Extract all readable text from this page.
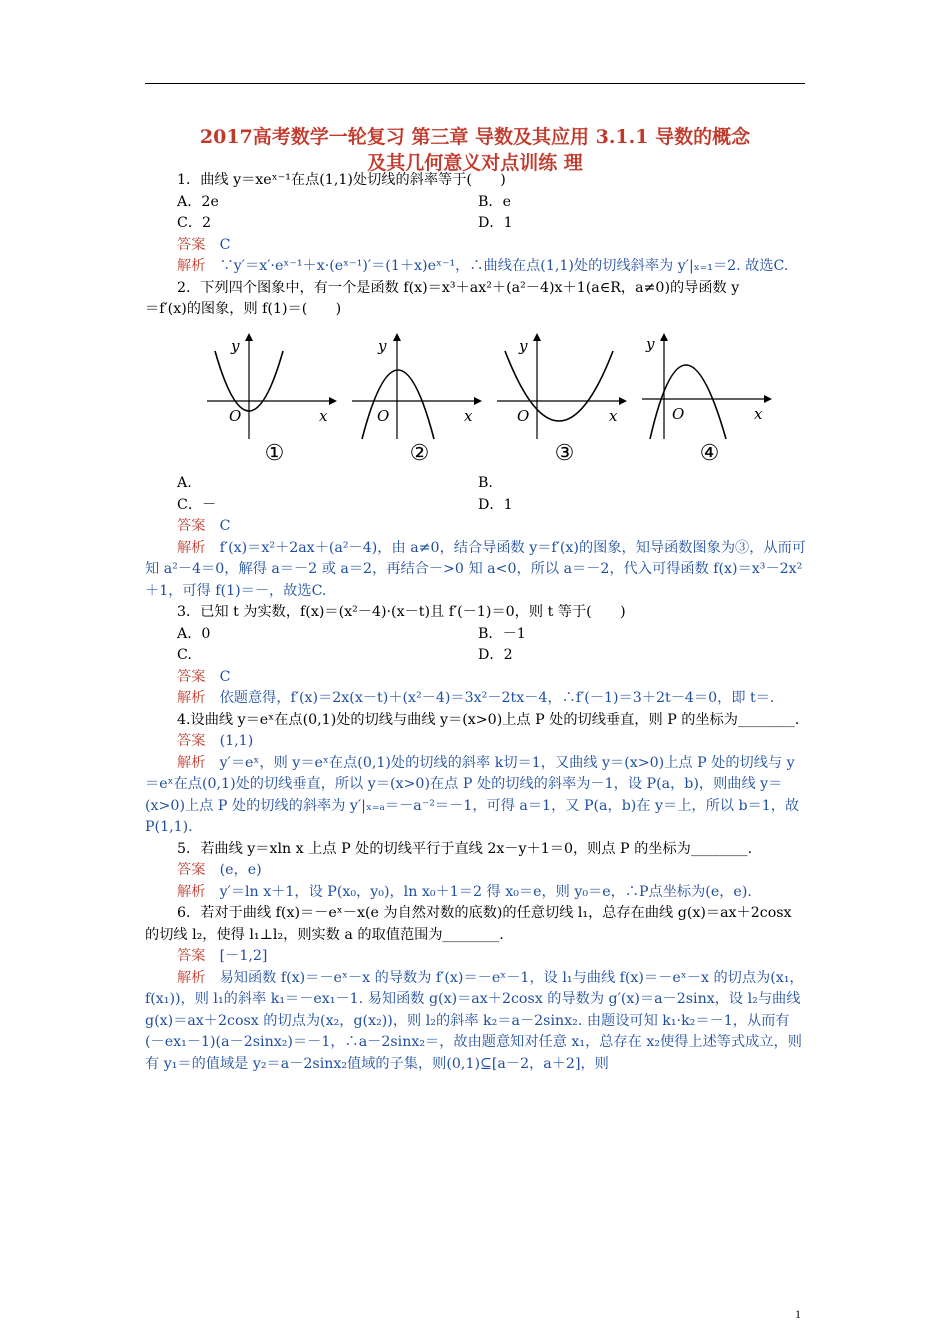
2017高考数学一轮复习 第三章 导数及其应用 3.1.1 导数的概念
及其几何意义对点训练 理

1．曲线 y＝xeˣ⁻¹在点(1,1)处切线的斜率等于(　　)

A．2e	B．e
C．2	D．1

答案　 C

解析　 ∵y′＝x′·eˣ⁻¹＋x·(eˣ⁻¹)′＝(1＋x)eˣ⁻¹，∴曲线在点(1,1)处的切线斜率为 y′|ₓ₌₁＝2. 故选C.

2．下列四个图象中，有一个是函数 f(x)＝x³＋ax²＋(a²－4)x＋1(a∈R，a≠0)的导函数 y

＝f′(x)的图象，则 f(1)＝(　　)

y
x
O
①
y
x
O
②
y
x
O
③
y
x
O
④
A.	B.
C．－	D．1

答案　 C

解析　 f′(x)＝x²＋2ax＋(a²－4)，由 a≠0，结合导函数 y＝f′(x)的图象，知导函数图象为③，从而可知 a²－4＝0，解得 a＝－2 或 a＝2，再结合－>0 知 a<0，所以 a＝－2，代入可得函数 f(x)＝x³－2x²＋1，可得 f(1)＝－，故选C.

3．已知 t 为实数，f(x)＝(x²－4)·(x－t)且 f′(－1)＝0，则 t 等于(　　)

A．0	B．－1
C.	D．2

答案　 C

解析　 依题意得，f′(x)＝2x(x－t)＋(x²－4)＝3x²－2tx－4，∴f′(－1)＝3＋2t－4＝0，即 t＝.

4.设曲线 y＝eˣ在点(0,1)处的切线与曲线 y＝(x>0)上点 P 处的切线垂直，则 P 的坐标为________.

答案　 (1,1)

解析　 y′＝eˣ，则 y＝eˣ在点(0,1)处的切线的斜率 k切＝1，又曲线 y＝(x>0)上点 P 处的切线与 y＝eˣ在点(0,1)处的切线垂直，所以 y＝(x>0)在点 P 处的切线的斜率为－1，设 P(a，b)，则曲线 y＝(x>0)上点 P 处的切线的斜率为 y′|ₓ₌ₐ＝－a⁻²＝－1，可得 a＝1，又 P(a，b)在 y＝上，所以 b＝1，故 P(1,1).

5．若曲线 y＝xln x 上点 P 处的切线平行于直线 2x－y＋1＝0，则点 P 的坐标为________.

答案　 (e，e)

解析　 y′＝ln x＋1，设 P(x₀，y₀)，ln x₀＋1＝2 得 x₀＝e，则 y₀＝e，∴P点坐标为(e，e).

6．若对于曲线 f(x)＝－eˣ－x(e 为自然对数的底数)的任意切线 l₁，总存在曲线 g(x)＝ax＋2cosx 的切线 l₂，使得 l₁⊥l₂，则实数 a 的取值范围为________.

答案　 [－1,2]

解析　 易知函数 f(x)＝－eˣ－x 的导数为 f′(x)＝－eˣ－1，设 l₁与曲线 f(x)＝－eˣ－x 的切点为(x₁，f(x₁))，则 l₁的斜率 k₁＝－ex₁－1. 易知函数 g(x)＝ax＋2cosx 的导数为 g′(x)＝a－2sinx，设 l₂与曲线 g(x)＝ax＋2cosx 的切点为(x₂，g(x₂))，则 l₂的斜率 k₂＝a－2sinx₂. 由题设可知 k₁·k₂＝－1，从而有(－ex₁－1)(a－2sinx₂)＝－1，∴a－2sinx₂＝，故由题意知对任意 x₁，总存在 x₂使得上述等式成立，则有 y₁＝的值域是 y₂＝a－2sinx₂值域的子集，则(0,1)⊆[a－2，a＋2]，则

1
